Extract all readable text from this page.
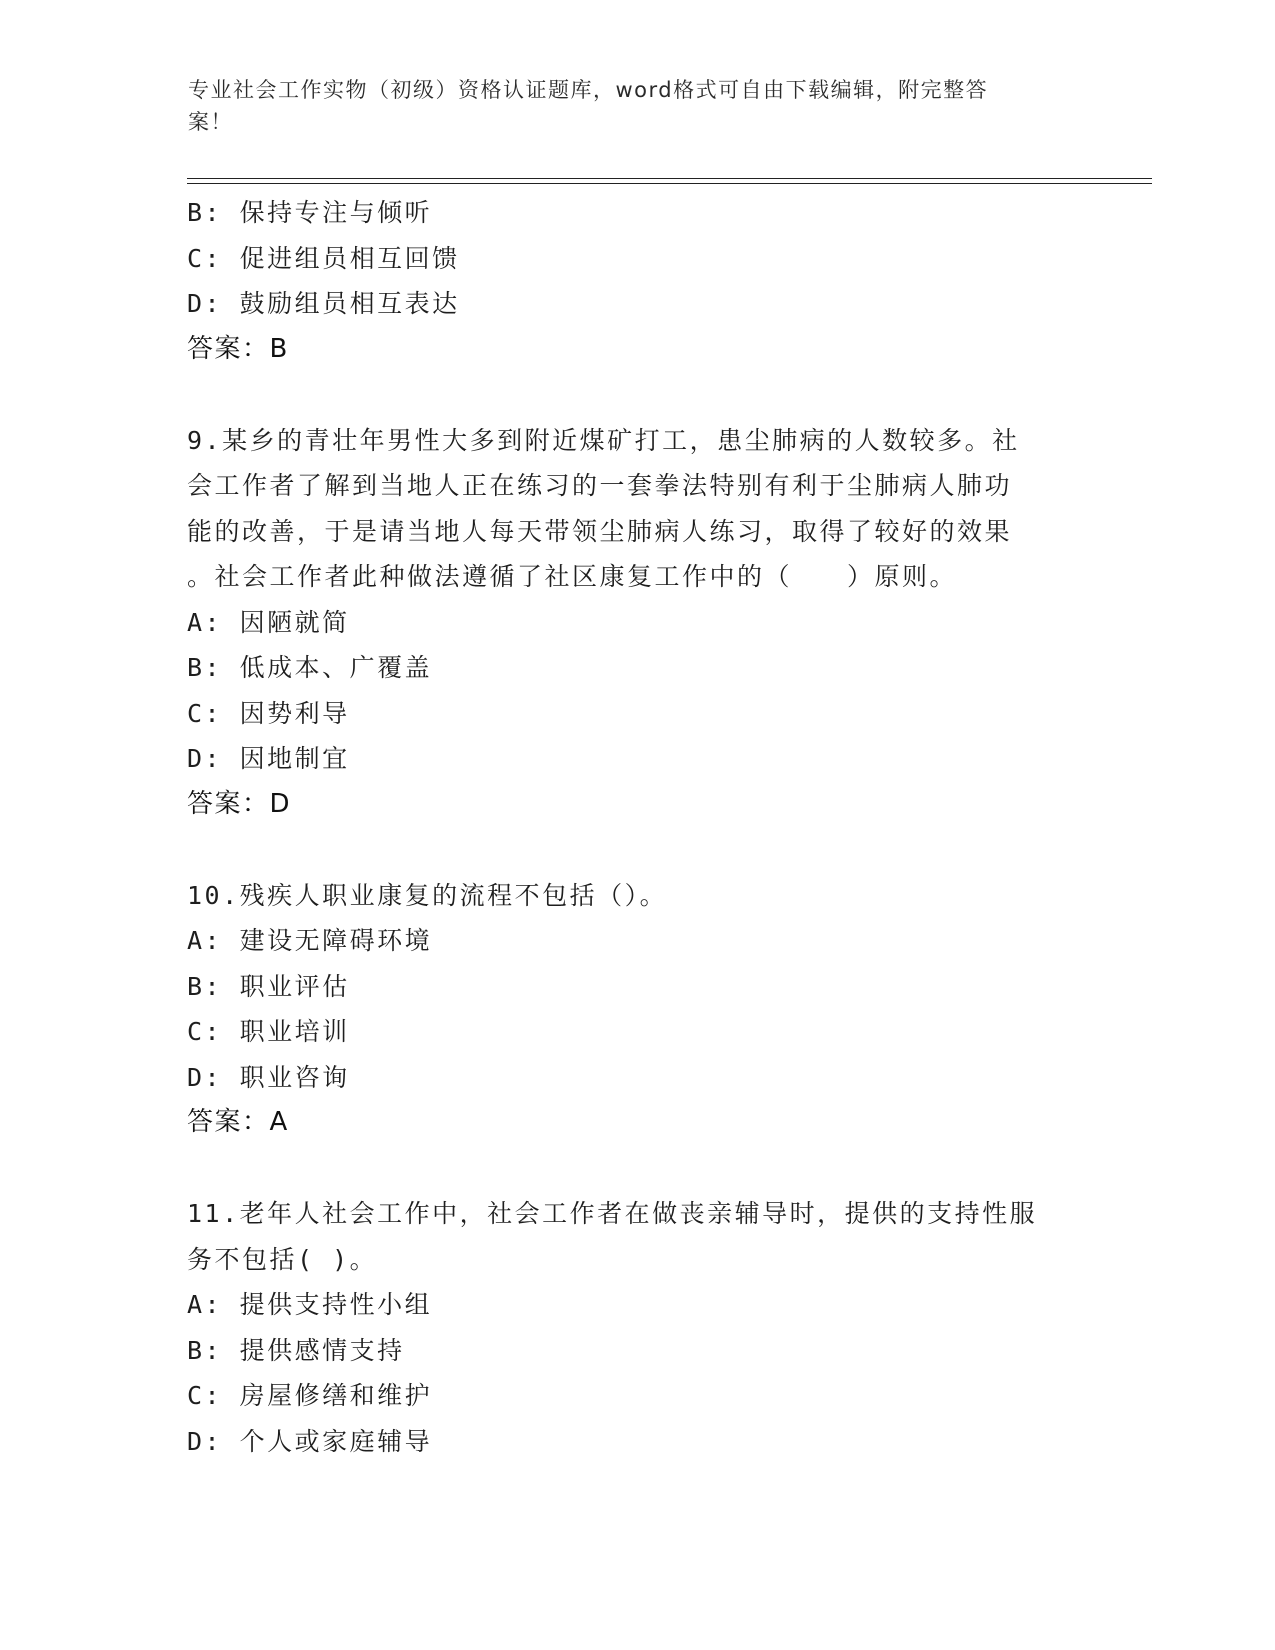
专业社会工作实物（初级）资格认证题库，word格式可自由下载编辑，附完整答
案！
B: 保持专注与倾听
C: 促进组员相互回馈
D: 鼓励组员相互表达
答案：B
9.某乡的青壮年男性大多到附近煤矿打工，患尘肺病的人数较多。社
会工作者了解到当地人正在练习的一套拳法特别有利于尘肺病人肺功
能的改善，于是请当地人每天带领尘肺病人练习，取得了较好的效果
。社会工作者此种做法遵循了社区康复工作中的（　　）原则。
A: 因陋就简
B: 低成本、广覆盖
C: 因势利导
D: 因地制宜
答案：D
10.残疾人职业康复的流程不包括（）。
A: 建设无障碍环境
B: 职业评估
C: 职业培训
D: 职业咨询
答案：A
11.老年人社会工作中，社会工作者在做丧亲辅导时，提供的支持性服
务不包括( )。
A: 提供支持性小组
B: 提供感情支持
C: 房屋修缮和维护
D: 个人或家庭辅导
